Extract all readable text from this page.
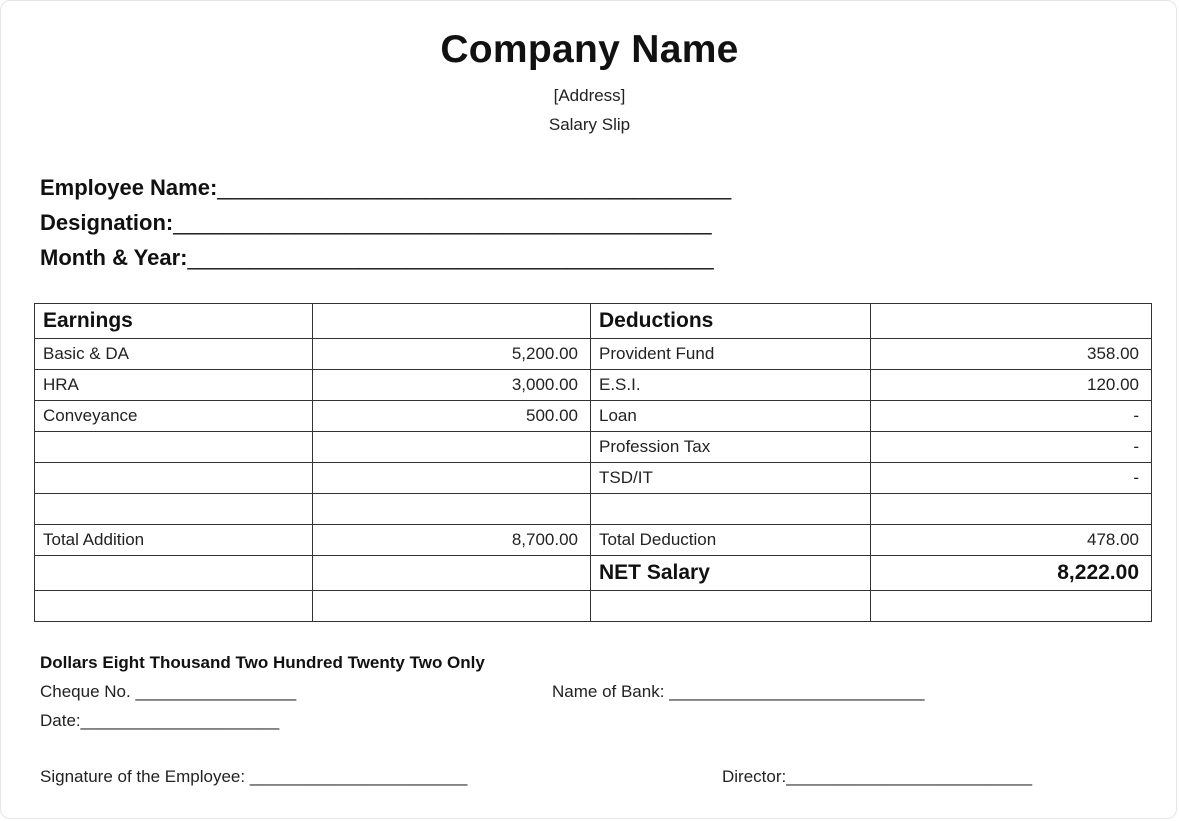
Company Name
[Address]
Salary Slip
Employee Name:__________________________________________
Designation:____________________________________________
Month & Year:___________________________________________
Earnings		Deductions	
Basic & DA	5,200.00	Provident Fund	358.00
HRA	3,000.00	E.S.I.	120.00
Conveyance	500.00	Loan	-
		Profession Tax	-
		TSD/IT	-

Total Addition	8,700.00	Total Deduction	478.00
		NET Salary	8,222.00

Dollars Eight Thousand Two Hundred Twenty Two Only
Cheque No. _________________	Name of Bank: ___________________________
Date:_____________________
Signature of the Employee: _______________________	Director:__________________________
